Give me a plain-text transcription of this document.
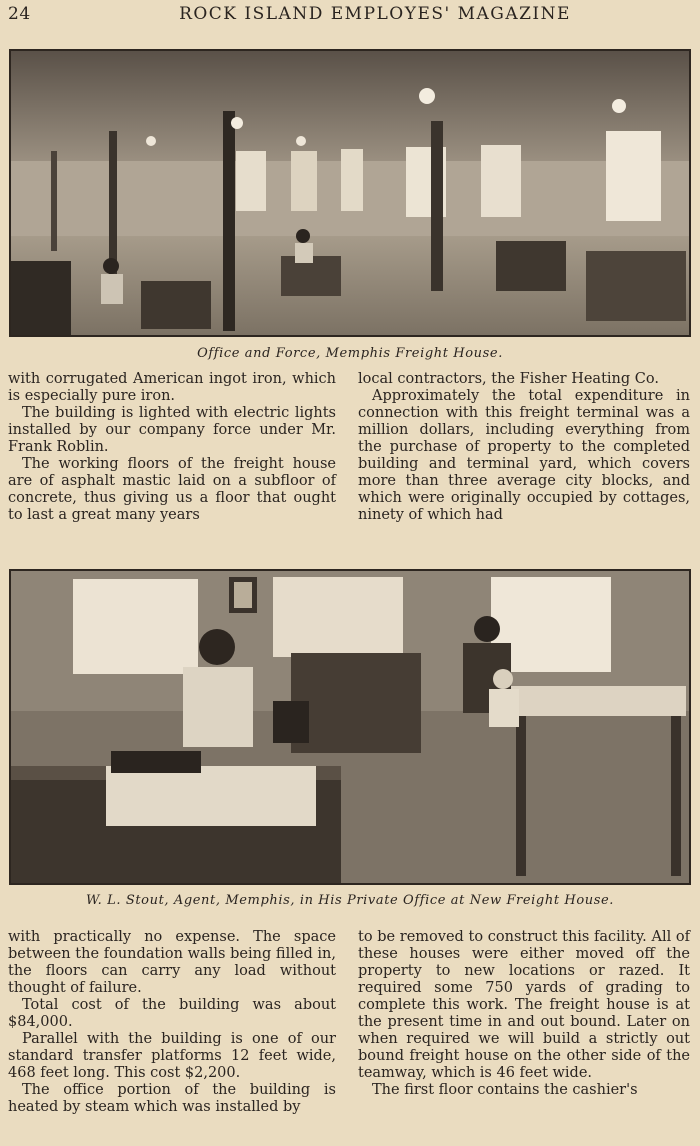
24	ROCK ISLAND EMPLOYES' MAGAZINE
Office and Force, Memphis Freight House.

with corrugated American ingot iron, which is especially pure iron.

The building is lighted with electric lights installed by our company force under Mr. Frank Roblin.

The working floors of the freight house are of asphalt mastic laid on a subfloor of concrete, thus giving us a floor that ought to last a great many years

local contractors, the Fisher Heating Co.

Approximately the total expenditure in connection with this freight terminal was a million dollars, including everything from the purchase of property to the completed building and terminal yard, which covers more than three average city blocks, and which were originally occupied by cottages, ninety of which had

W. L. Stout, Agent, Memphis, in His Private Office at New Freight House.

with practically no expense. The space between the foundation walls being filled in, the floors can carry any load without thought of failure.

Total cost of the building was about $84,000.

Parallel with the building is one of our standard transfer platforms 12 feet wide, 468 feet long. This cost $2,200.

The office portion of the building is heated by steam which was installed by

to be removed to construct this facility. All of these houses were either moved off the property to new locations or razed. It required some 750 yards of grading to complete this work. The freight house is at the present time in and out bound. Later on when required we will build a strictly out bound freight house on the other side of the teamway, which is 46 feet wide.

The first floor contains the cashier's
